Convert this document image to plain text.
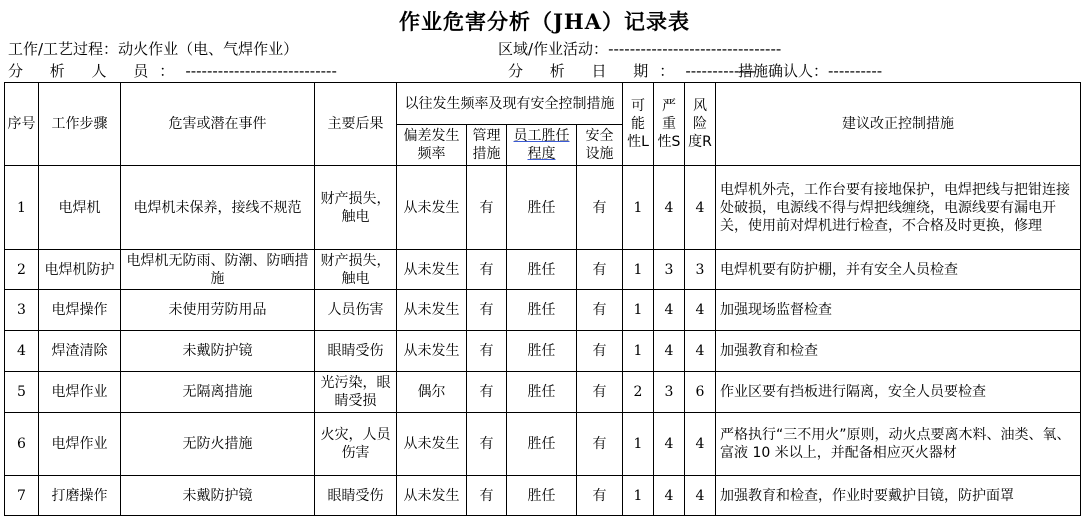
作业危害分析（JHA）记录表
工作/工艺过程：动火作业（电、气焊作业）	区域/作业活动：--------------------------------
分 析 人 员：----------------------------	分 析 日 期：-------------
措施确认人：----------
序号	工作步骤	危害或潜在事件	主要后果	以往发生频率及现有安全控制措施				可能性L	严重性S	风险度R	建议改正控制措施
				偏差发生频率	管理措施	员工胜任程度	安全设施				
1	电焊机	电焊机未保养，接线不规范	财产损失，触电	从未发生	有	胜任	有	1	4	4	电焊机外壳，工作台要有接地保护，电焊把线与把钳连接处破损，电源线不得与焊把线缠绕，电源线要有漏电开关，使用前对焊机进行检查，不合格及时更换，修理
2	电焊机防护	电焊机无防雨、防潮、防晒措施	财产损失，触电	从未发生	有	胜任	有	1	3	3	电焊机要有防护棚，并有安全人员检查
3	电焊操作	未使用劳防用品	人员伤害	从未发生	有	胜任	有	1	4	4	加强现场监督检查
4	焊渣清除	未戴防护镜	眼睛受伤	从未发生	有	胜任	有	1	4	4	加强教育和检查
5	电焊作业	无隔离措施	光污染，眼睛受损	偶尔	有	胜任	有	2	3	6	作业区要有挡板进行隔离，安全人员要检查
6	电焊作业	无防火措施	火灾，人员伤害	从未发生	有	胜任	有	1	4	4	严格执行“三不用火”原则，动火点要离木料、油类、氧、富液 10 米以上，并配备相应灭火器材
7	打磨操作	未戴防护镜	眼睛受伤	从未发生	有	胜任	有	1	4	4	加强教育和检查，作业时要戴护目镜，防护面罩
